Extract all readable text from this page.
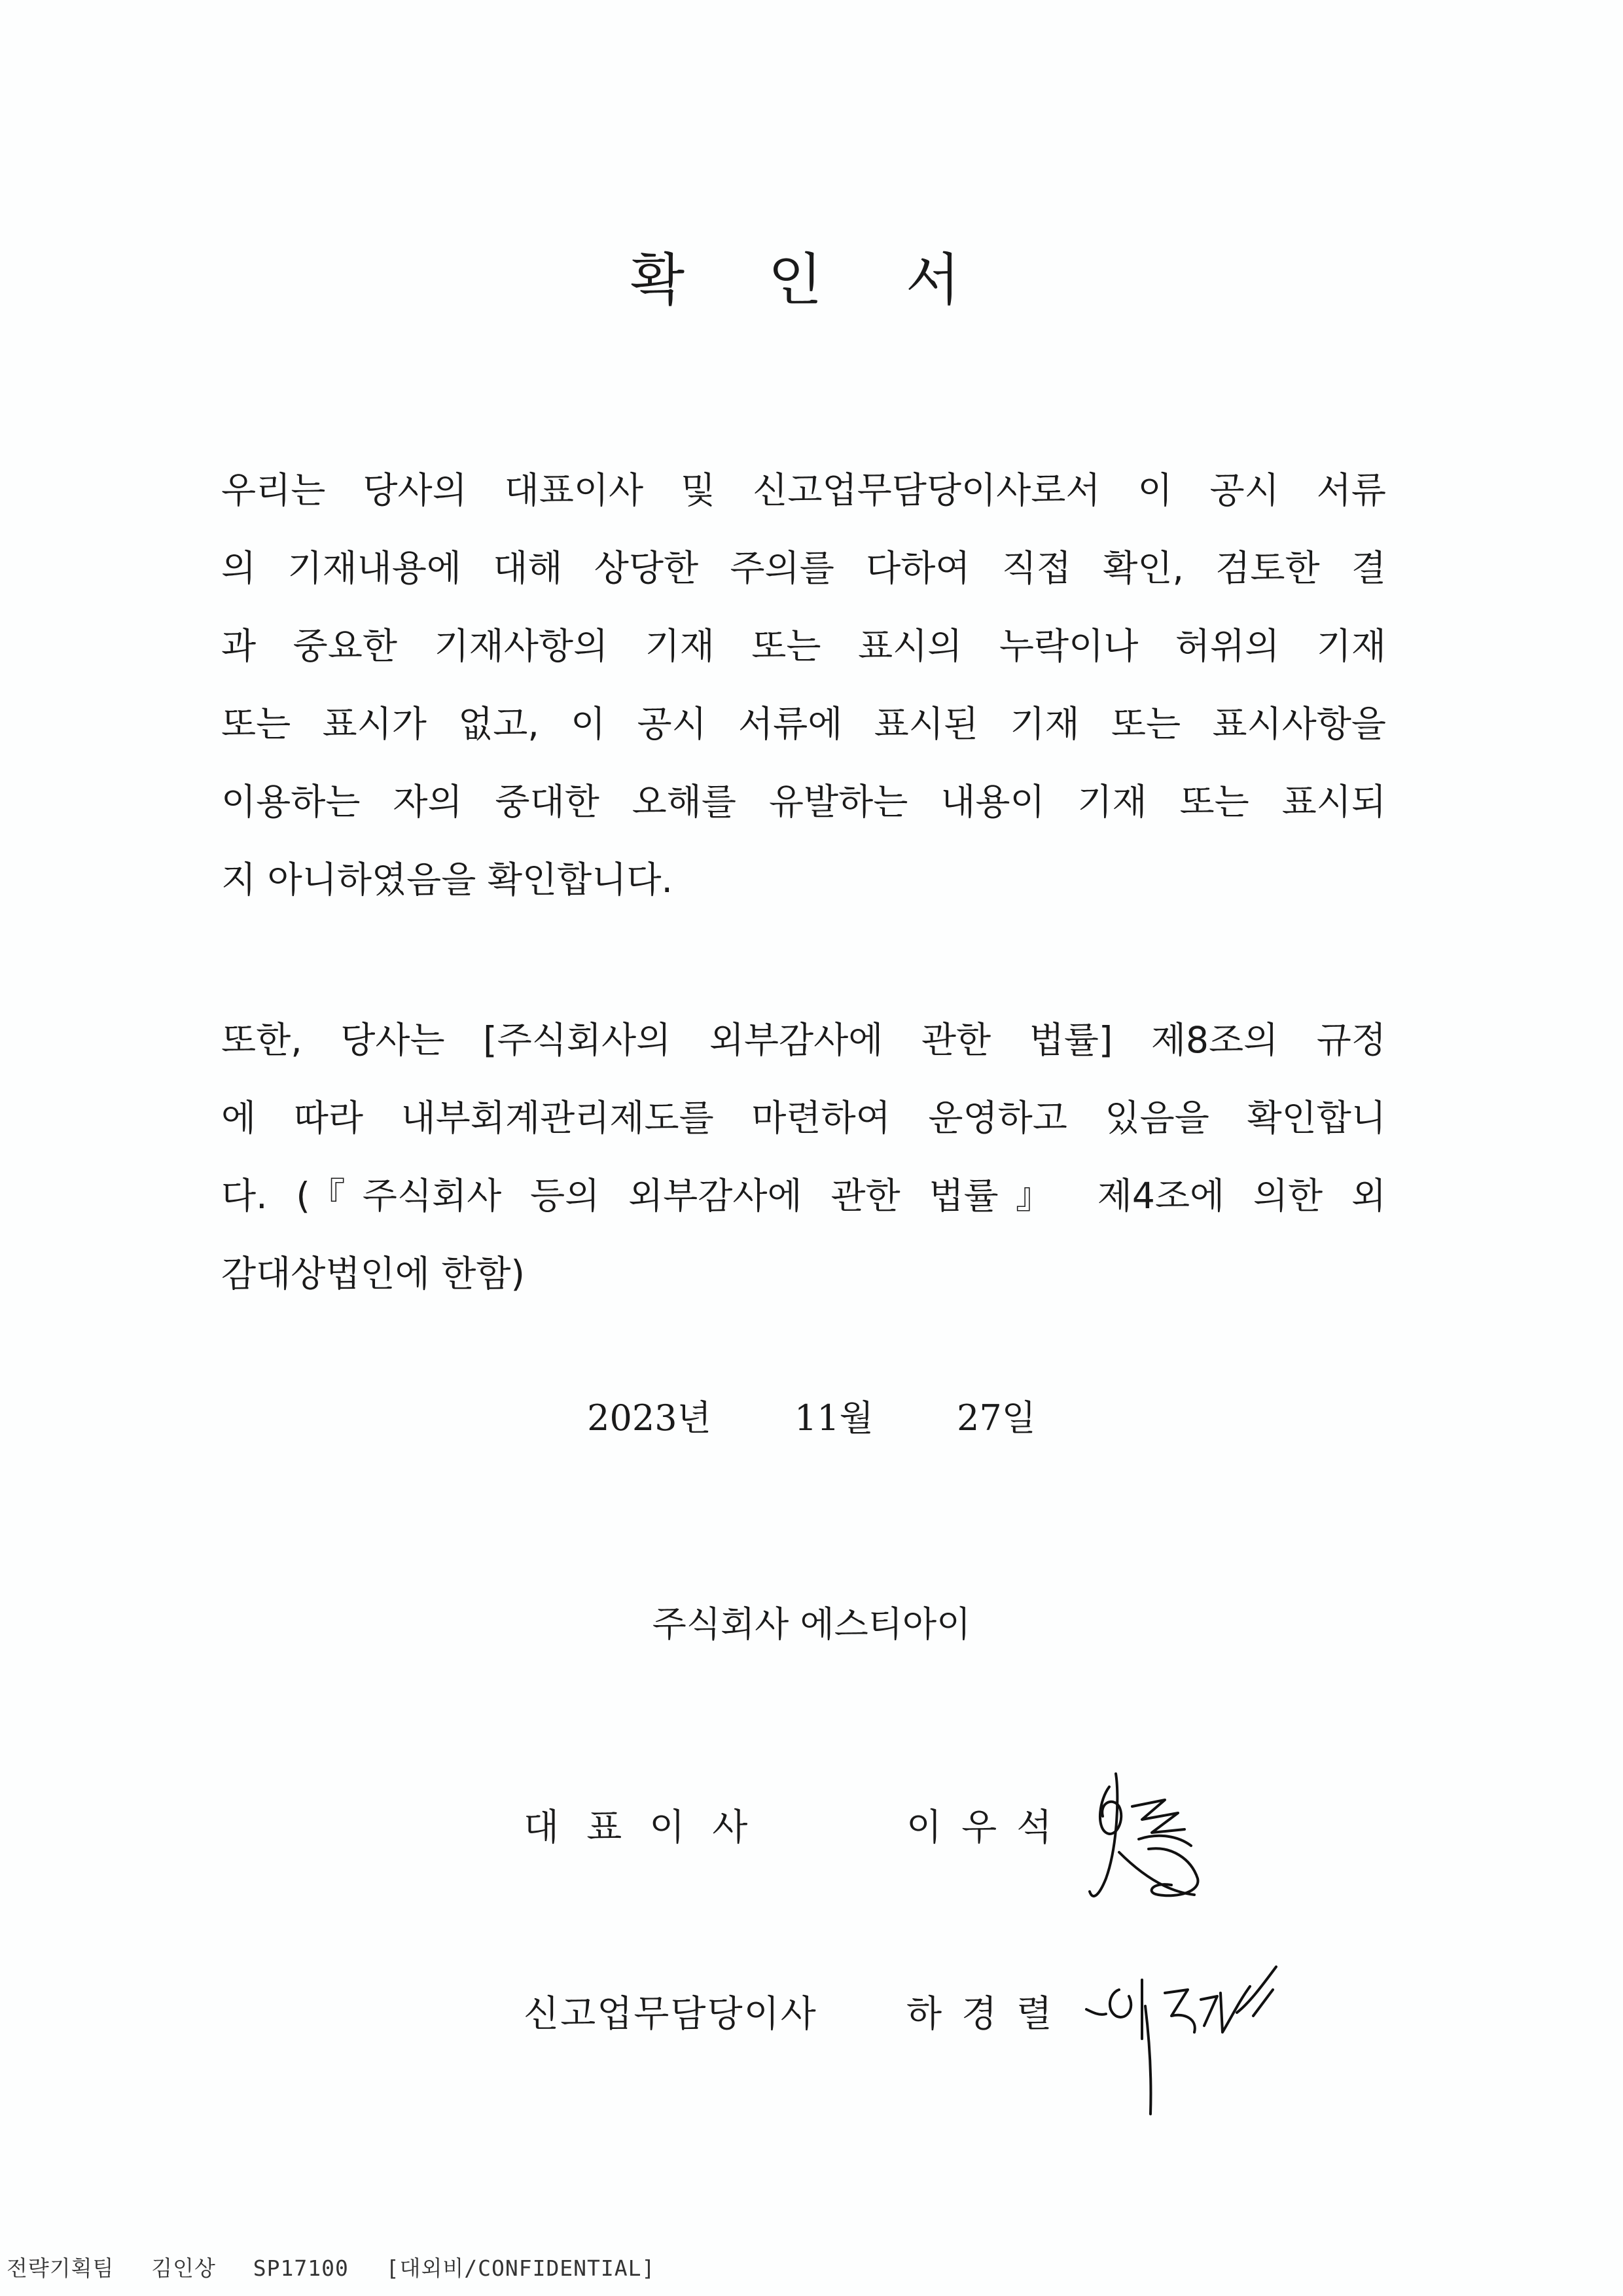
확 인 서
우리는 당사의 대표이사 및 신고업무담당이사로서 이 공시 서류
의 기재내용에 대해 상당한 주의를 다하여 직접 확인, 검토한 결
과 중요한 기재사항의 기재 또는 표시의 누락이나 허위의 기재
또는 표시가 없고, 이 공시 서류에 표시된 기재 또는 표시사항을
이용하는 자의 중대한 오해를 유발하는 내용이 기재 또는 표시되
지 아니하였음을 확인합니다.
또한, 당사는 [주식회사의 외부감사에 관한 법률] 제8조의 규정
에 따라 내부회계관리제도를 마련하여 운영하고 있음을 확인합니
다. (『주식회사 등의 외부감사에 관한 법률』 제4조에 의한 외
감대상법인에 한함)
2023년 11월 27일
주식회사 에스티아이
대표이사	이우석
신고업무담당이사 하경렬
전략기획팀 김인상 SP17100 [대외비/CONFIDENTIAL]
